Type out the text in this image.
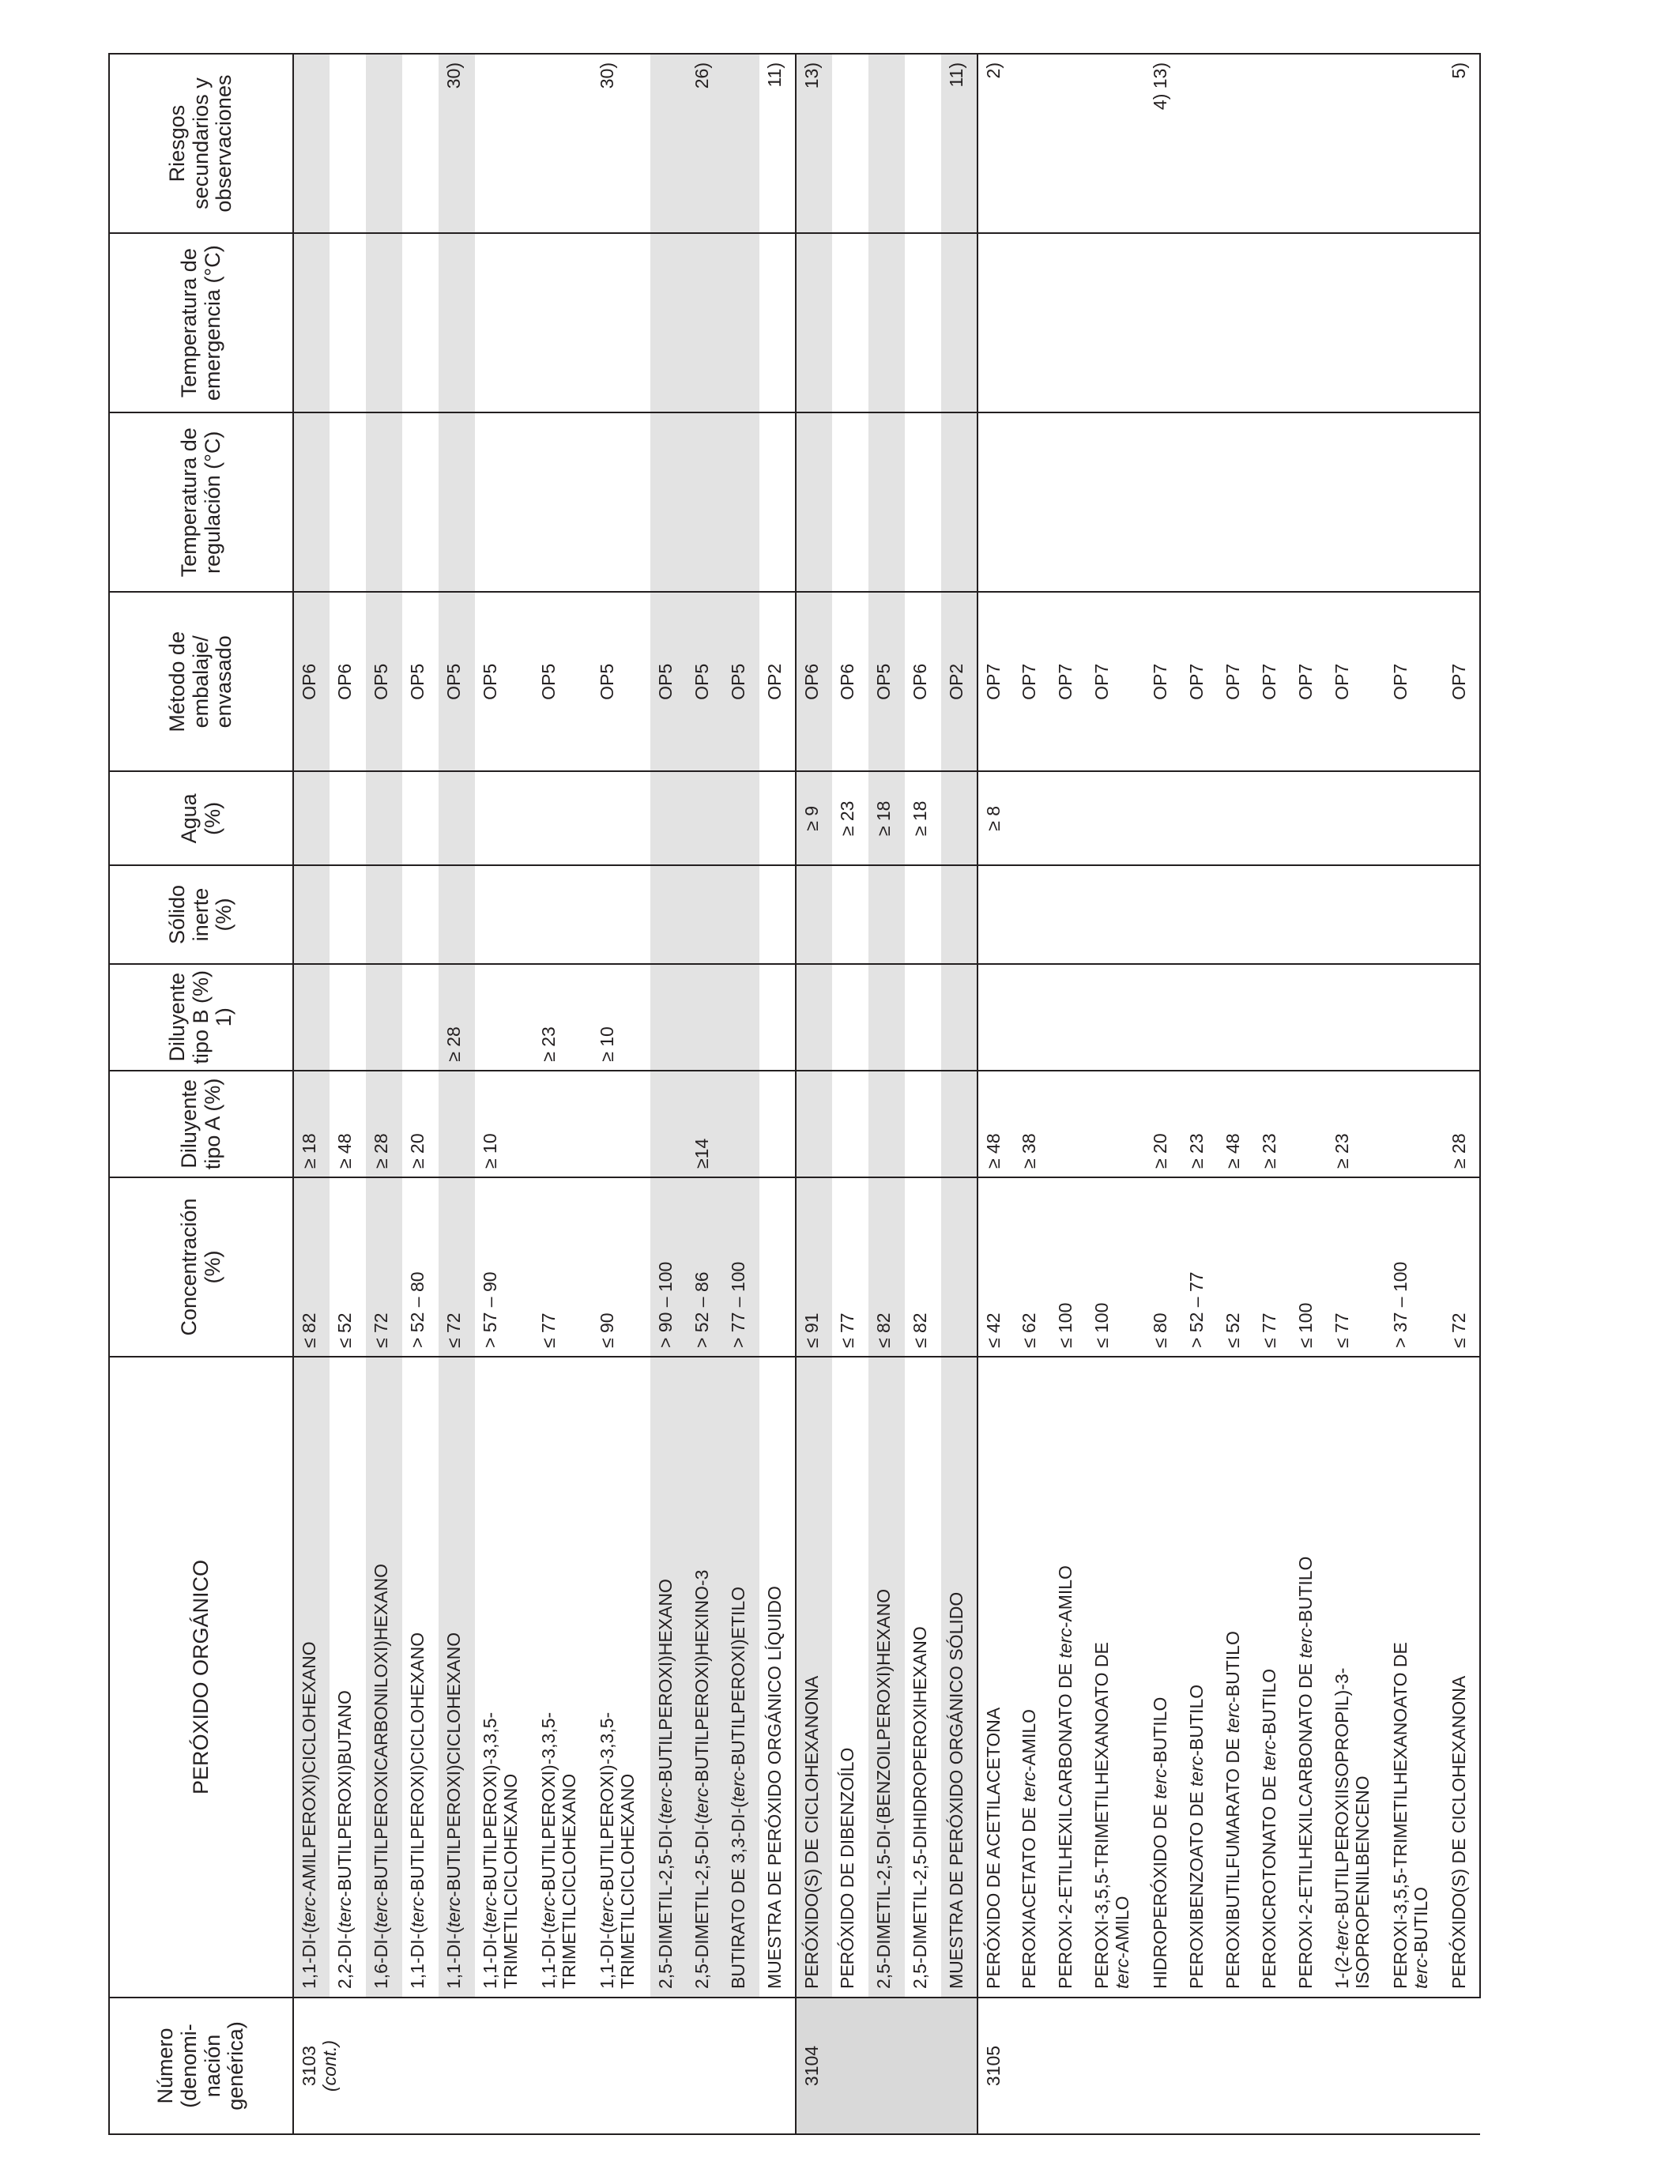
Número (denomi- nación genérica)	PERÓXIDO ORGÁNICO	Concentración (%)	Diluyente tipo A (%)	Diluyente tipo B (%) 1)	Sólido inerte (%)	Agua (%)	Método de embalaje/ envasado	Temperatura de regulación (°C)	Temperatura de emergencia (°C)	Riesgos secundarios y observaciones

3103 (cont.)	1,1-DI-(terc-AMILPEROXI)CICLOHEXANO	≤ 82	≥ 18				OP6			
	2,2-DI-(terc-BUTILPEROXI)BUTANO	≤ 52	≥ 48				OP6			
	1,6-DI-(terc-BUTILPEROXICARBONILOXI)HEXANO	≤ 72	≥ 28				OP5			
	1,1-DI-(terc-BUTILPEROXI)CICLOHEXANO	> 52 – 80	≥ 20				OP5			
	1,1-DI-(terc-BUTILPEROXI)CICLOHEXANO	≤ 72		≥ 28			OP5			30)
	1,1-DI-(terc-BUTILPEROXI)-3,3,5-
TRIMETILCICLOHEXANO	> 57 – 90	≥ 10				OP5			
	1,1-DI-(terc-BUTILPEROXI)-3,3,5-
TRIMETILCICLOHEXANO	≤ 77		≥ 23			OP5			
	1,1-DI-(terc-BUTILPEROXI)-3,3,5-
TRIMETILCICLOHEXANO	≤ 90		≥ 10			OP5			30)
	2,5-DIMETIL-2,5-DI-(terc-BUTILPEROXI)HEXANO	> 90 – 100					OP5			
	2,5-DIMETIL-2,5-DI-(terc-BUTILPEROXI)HEXINO-3	> 52 – 86	≥14				OP5			26)
	BUTIRATO DE 3,3-DI-(terc-BUTILPEROXI)ETILO	> 77 – 100					OP5			
	MUESTRA DE PERÓXIDO ORGÁNICO LÍQUIDO						OP2			11)

3104	PERÓXIDO(S) DE CICLOHEXANONA	≤ 91				≥ 9	OP6			13)
	PERÓXIDO DE DIBENZOÍLO	≤ 77				≥ 23	OP6			
	2,5-DIMETIL-2,5-DI-(BENZOILPEROXI)HEXANO	≤ 82				≥ 18	OP5			
	2,5-DIMETIL-2,5-DIHIDROPEROXIHEXANO	≤ 82				≥ 18	OP6			
	MUESTRA DE PERÓXIDO ORGÁNICO SÓLIDO						OP2			11)

3105	PERÓXIDO DE ACETILACETONA	≤ 42	≥ 48			≥ 8	OP7			2)
	PEROXIACETATO DE terc-AMILO	≤ 62	≥ 38				OP7			
	PEROXI-2-ETILHEXILCARBONATO DE terc-AMILO	≤ 100					OP7			
	PEROXI-3,5,5-TRIMETILHEXANOATO DE
terc-AMILO	≤ 100					OP7			
	HIDROPERÓXIDO DE terc-BUTILO	≤ 80	≥ 20				OP7			4) 13)
	PEROXIBENZOATO DE terc-BUTILO	> 52 – 77	≥ 23				OP7			
	PEROXIBUTILFUMARATO DE terc-BUTILO	≤ 52	≥ 48				OP7			
	PEROXICROTONATO DE terc-BUTILO	≤ 77	≥ 23				OP7			
	PEROXI-2-ETILHEXILCARBONATO DE terc-BUTILO	≤ 100					OP7			
	1-(2-terc-BUTILPEROXIISOPROPIL)-3-
ISOPROPENILBENCENO	≤ 77	≥ 23				OP7			
	PEROXI-3,5,5-TRIMETILHEXANOATO DE
terc-BUTILO	> 37 – 100					OP7			
	PERÓXIDO(S) DE CICLOHEXANONA	≤ 72	≥ 28				OP7			5)
